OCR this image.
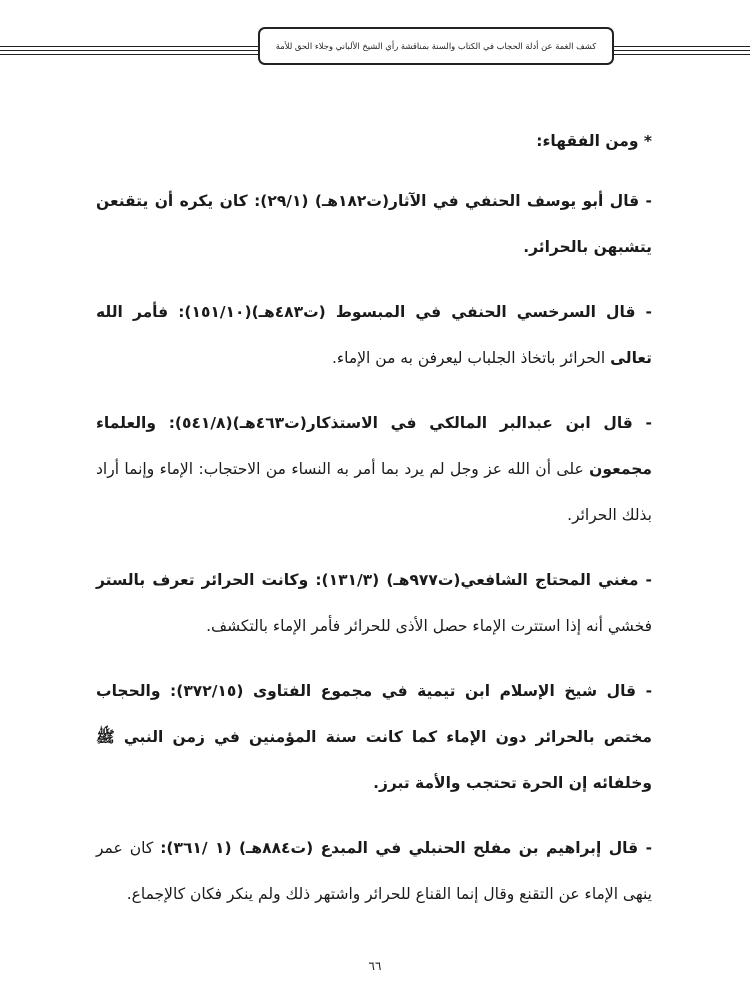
كشف الغمة عن أدلة الحجاب في الكتاب والسنة بمناقشة رأي الشيخ الألباني وجلاء الحق للأمة

* ومن الفقهاء:

- قال أبو يوسف الحنفي في الآثار(ت١٨٢هـ) (٢٩/١): كان يكره أن يتقنعن يتشبهن بالحرائر.

- قال السرخسي الحنفي في المبسوط (ت٤٨٣هـ)(١٥١/١٠): فأمر الله تعالى الحرائر باتخاذ الجلباب ليعرفن به من الإماء.

- قال ابن عبدالبر المالكي في الاستذكار(ت٤٦٣هـ)(٥٤١/٨): والعلماء مجمعون على أن الله عز وجل لم يرد بما أمر به النساء من الاحتجاب: الإماء وإنما أراد بذلك الحرائر.

- مغني المحتاج الشافعي(ت٩٧٧هـ) (١٣١/٣): وكانت الحرائر تعرف بالستر فخشي أنه إذا استترت الإماء حصل الأذى للحرائر فأمر الإماء بالتكشف.

- قال شيخ الإسلام ابن تيمية في مجموع الفتاوى (٣٧٢/١٥): والحجاب مختص بالحرائر دون الإماء كما كانت سنة المؤمنين في زمن النبي ﷺ وخلفائه إن الحرة تحتجب والأمة تبرز.

- قال إبراهيم بن مفلح الحنبلي في المبدع (ت٨٨٤هـ) (١ /٣٦١): كان عمر ينهى الإماء عن التقنع وقال إنما القناع للحرائر واشتهر ذلك ولم ينكر فكان كالإجماع.

٦٦
